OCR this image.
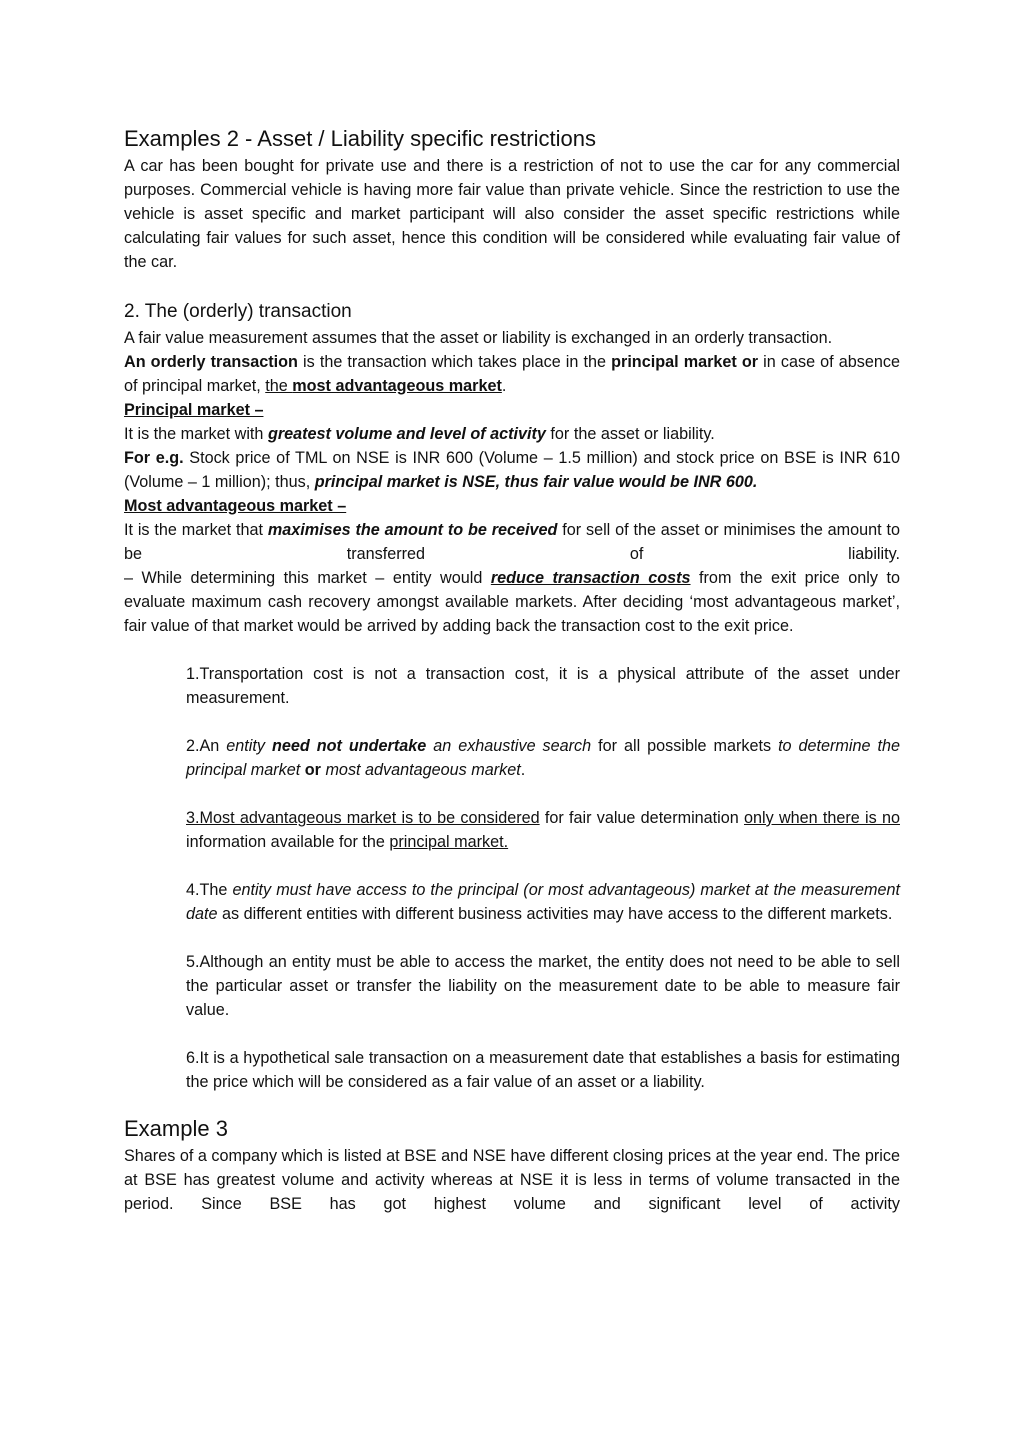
Examples 2 - Asset / Liability specific restrictions

A car has been bought for private use and there is a restriction of not to use the car for any commercial purposes. Commercial vehicle is having more fair value than private vehicle. Since the restriction to use the vehicle is asset specific and market participant will also consider the asset specific restrictions while calculating fair values for such asset, hence this condition will be considered while evaluating fair value of the car.

2. The (orderly) transaction

A fair value measurement assumes that the asset or liability is exchanged in an orderly transaction.

An orderly transaction is the transaction which takes place in the principal market or in case of absence of principal market, the most advantageous market.

Principal market –

It is the market with greatest volume and level of activity for the asset or liability.

For e.g. Stock price of TML on NSE is INR 600 (Volume – 1.5 million) and stock price on BSE is INR 610 (Volume – 1 million); thus, principal market is NSE, thus fair value would be INR 600.

Most advantageous market –

It is the market that maximises the amount to be received for sell of the asset or minimises the amount to be transferred of liability.

– While determining this market – entity would reduce transaction costs from the exit price only to evaluate maximum cash recovery amongst available markets. After deciding ‘most advantageous market’, fair value of that market would be arrived by adding back the transaction cost to the exit price.

1.Transportation cost is not a transaction cost, it is a physical attribute of the asset under measurement.

2.An entity need not undertake an exhaustive search for all possible markets to determine the principal market or most advantageous market.

3.Most advantageous market is to be considered for fair value determination only when there is no information available for the principal market.

4.The entity must have access to the principal (or most advantageous) market at the measurement date as different entities with different business activities may have access to the different markets.

5.Although an entity must be able to access the market, the entity does not need to be able to sell the particular asset or transfer the liability on the measurement date to be able to measure fair value.

6.It is a hypothetical sale transaction on a measurement date that establishes a basis for estimating the price which will be considered as a fair value of an asset or a liability.

Example 3

Shares of a company which is listed at BSE and NSE have different closing prices at the year end. The price at BSE has greatest volume and activity whereas at NSE it is less in terms of volume transacted in the period. Since BSE has got highest volume and significant level of activity
